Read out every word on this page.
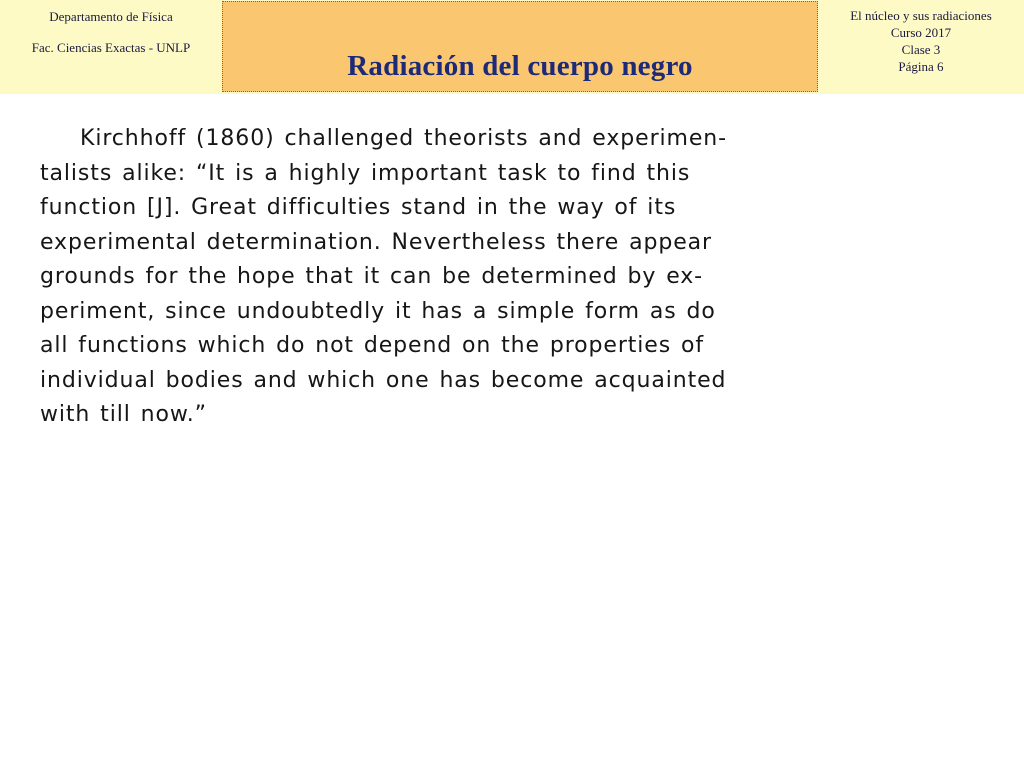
Departamento de Física
Fac. Ciencias Exactas - UNLP
Radiación del cuerpo negro
El núcleo y sus radiaciones
Curso 2017
Clase 3
Página 6
Kirchhoff (1860) challenged theorists and experimen-
talists alike: “It is a highly important task to find this
function [J]. Great difficulties stand in the way of its
experimental determination. Nevertheless there appear
grounds for the hope that it can be determined by ex-
periment, since undoubtedly it has a simple form as do
all functions which do not depend on the properties of
individual bodies and which one has become acquainted
with till now.”
